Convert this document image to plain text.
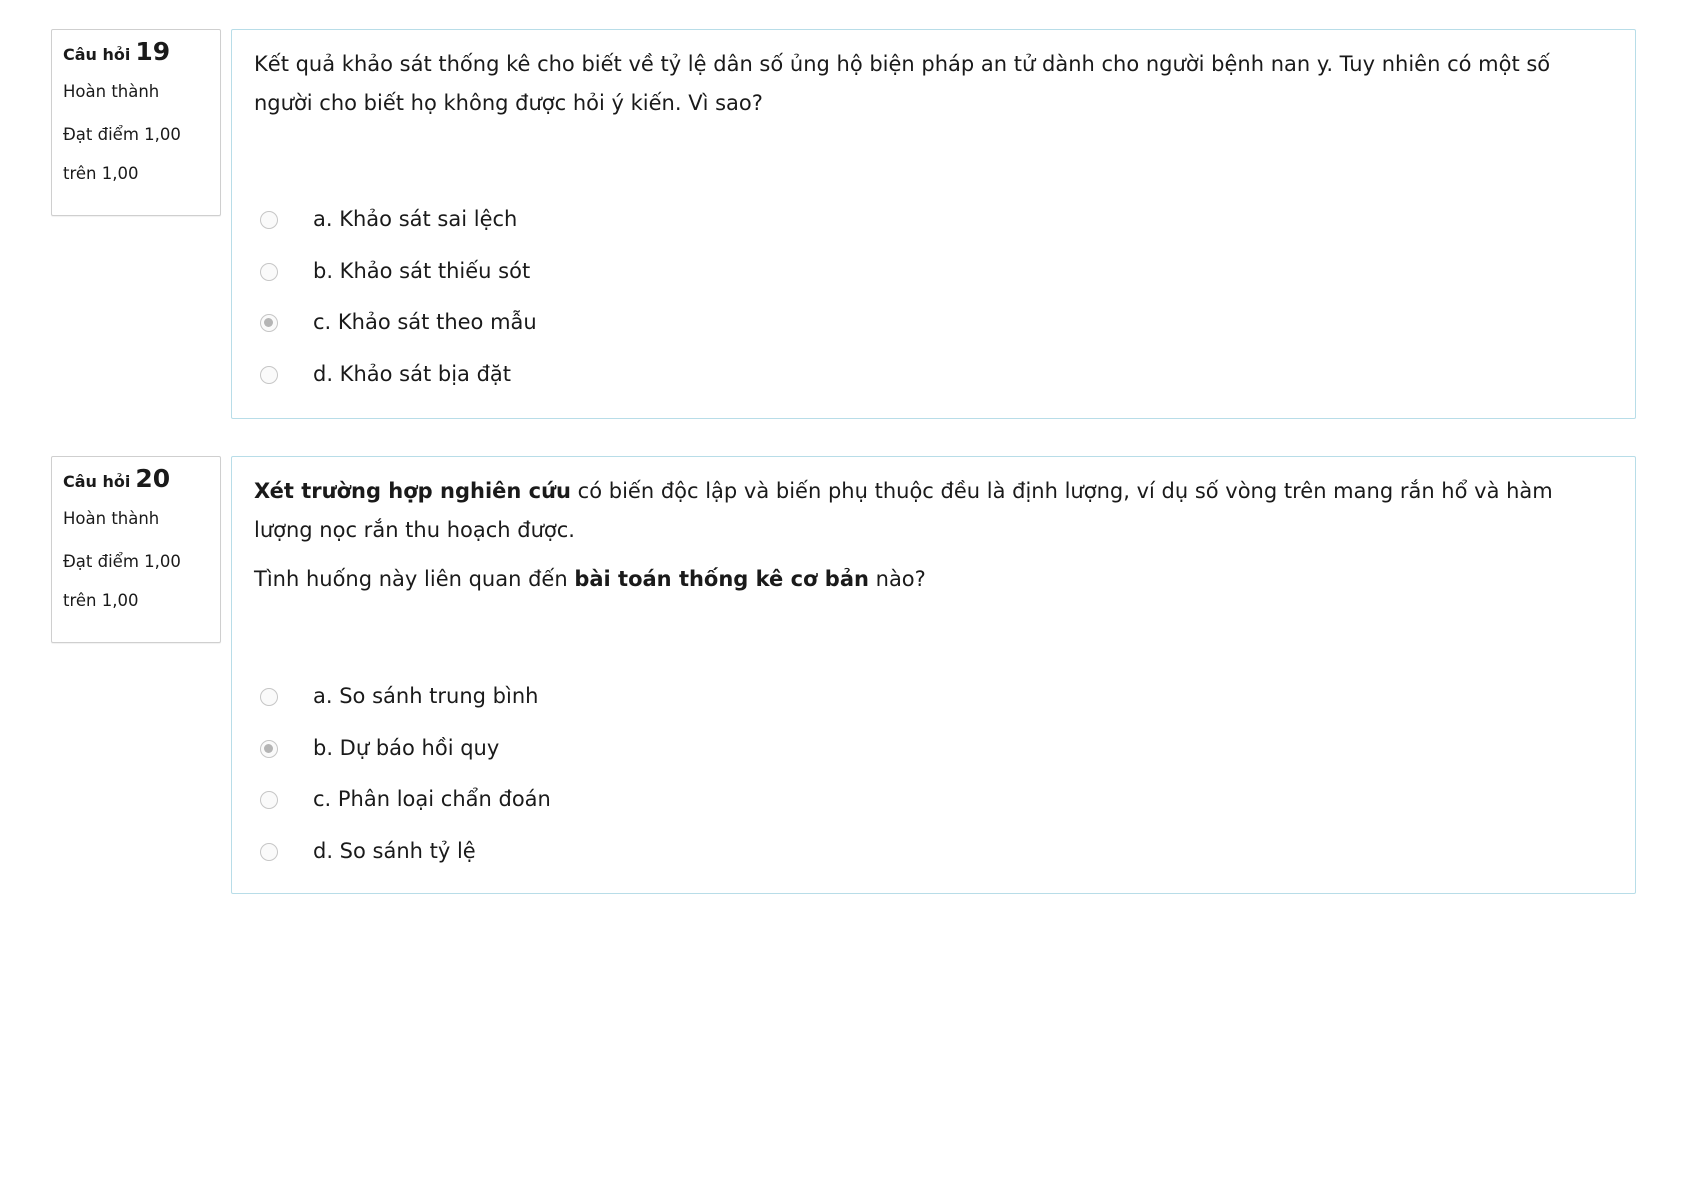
Câu hỏi 19
Hoàn thành
Đạt điểm 1,00 trên 1,00

Kết quả khảo sát thống kê cho biết về tỷ lệ dân số ủng hộ biện pháp an tử dành cho người bệnh nan y. Tuy nhiên có một số người cho biết họ không được hỏi ý kiến. Vì sao?

a. Khảo sát sai lệch
b. Khảo sát thiếu sót
c. Khảo sát theo mẫu
d. Khảo sát bịa đặt
Câu hỏi 20
Hoàn thành
Đạt điểm 1,00 trên 1,00

Xét trường hợp nghiên cứu có biến độc lập và biến phụ thuộc đều là định lượng, ví dụ số vòng trên mang rắn hổ và hàm lượng nọc rắn thu hoạch được.

Tình huống này liên quan đến bài toán thống kê cơ bản nào?

a. So sánh trung bình
b. Dự báo hồi quy
c. Phân loại chẩn đoán
d. So sánh tỷ lệ
